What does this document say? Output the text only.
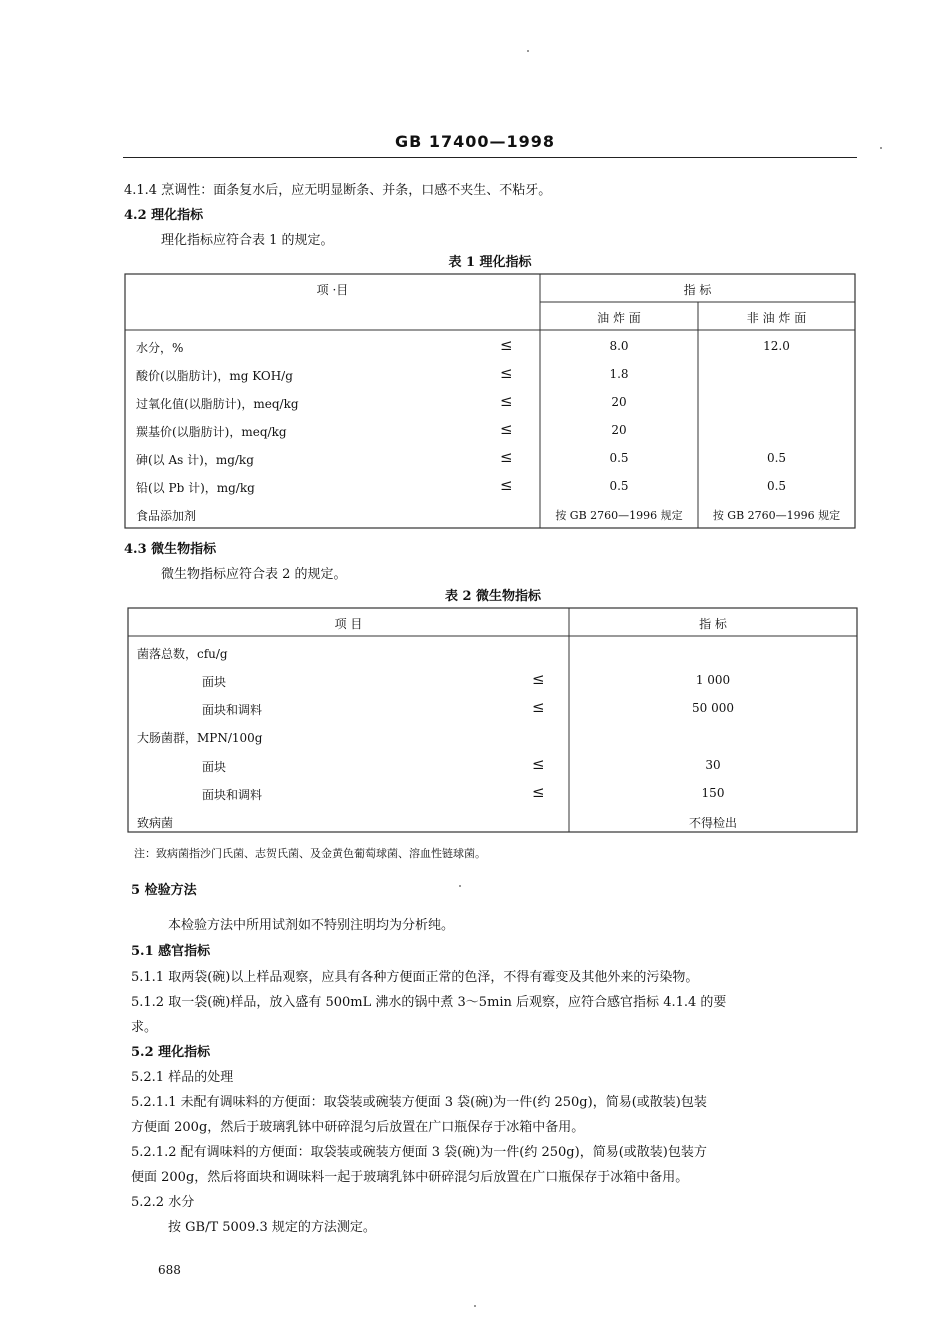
GB 17400—1998
4.1.4 烹调性：面条复水后，应无明显断条、并条，口感不夹生、不粘牙。
4.2 理化指标
理化指标应符合表 1 的规定。
表 1 理化指标
项 ·目	指 标
油 炸 面	非 油 炸 面
水分，%	≤	8.0	12.0
酸价(以脂肪计)，mg KOH/g	≤	1.8
过氧化值(以脂肪计)，meq/kg	≤	20
羰基价(以脂肪计)，meq/kg	≤	20
砷(以 As 计)，mg/kg	≤	0.5	0.5
铅(以 Pb 计)，mg/kg	≤	0.5	0.5
食品添加剂	按 GB 2760—1996 规定	按 GB 2760—1996 规定
4.3 微生物指标
微生物指标应符合表 2 的规定。
表 2 微生物指标
项 目	指 标
菌落总数，cfu/g
面块	≤	1 000
面块和调料	≤	50 000
大肠菌群，MPN/100g
面块	≤	30
面块和调料	≤	150
致病菌	不得检出
注：致病菌指沙门氏菌、志贺氏菌、及金黄色葡萄球菌、溶血性链球菌。
5 检验方法
本检验方法中所用试剂如不特别注明均为分析纯。
5.1 感官指标
5.1.1 取两袋(碗)以上样品观察，应具有各种方便面正常的色泽，不得有霉变及其他外来的污染物。
5.1.2 取一袋(碗)样品，放入盛有 500mL 沸水的锅中煮 3～5min 后观察，应符合感官指标 4.1.4 的要
求。
5.2 理化指标
5.2.1 样品的处理
5.2.1.1 未配有调味料的方便面：取袋装或碗装方便面 3 袋(碗)为一件(约 250g)，简易(或散装)包装
方便面 200g，然后于玻璃乳钵中研碎混匀后放置在广口瓶保存于冰箱中备用。
5.2.1.2 配有调味料的方便面：取袋装或碗装方便面 3 袋(碗)为一件(约 250g)，简易(或散装)包装方
便面 200g，然后将面块和调味料一起于玻璃乳钵中研碎混匀后放置在广口瓶保存于冰箱中备用。
5.2.2 水分
按 GB/T 5009.3 规定的方法测定。
688
